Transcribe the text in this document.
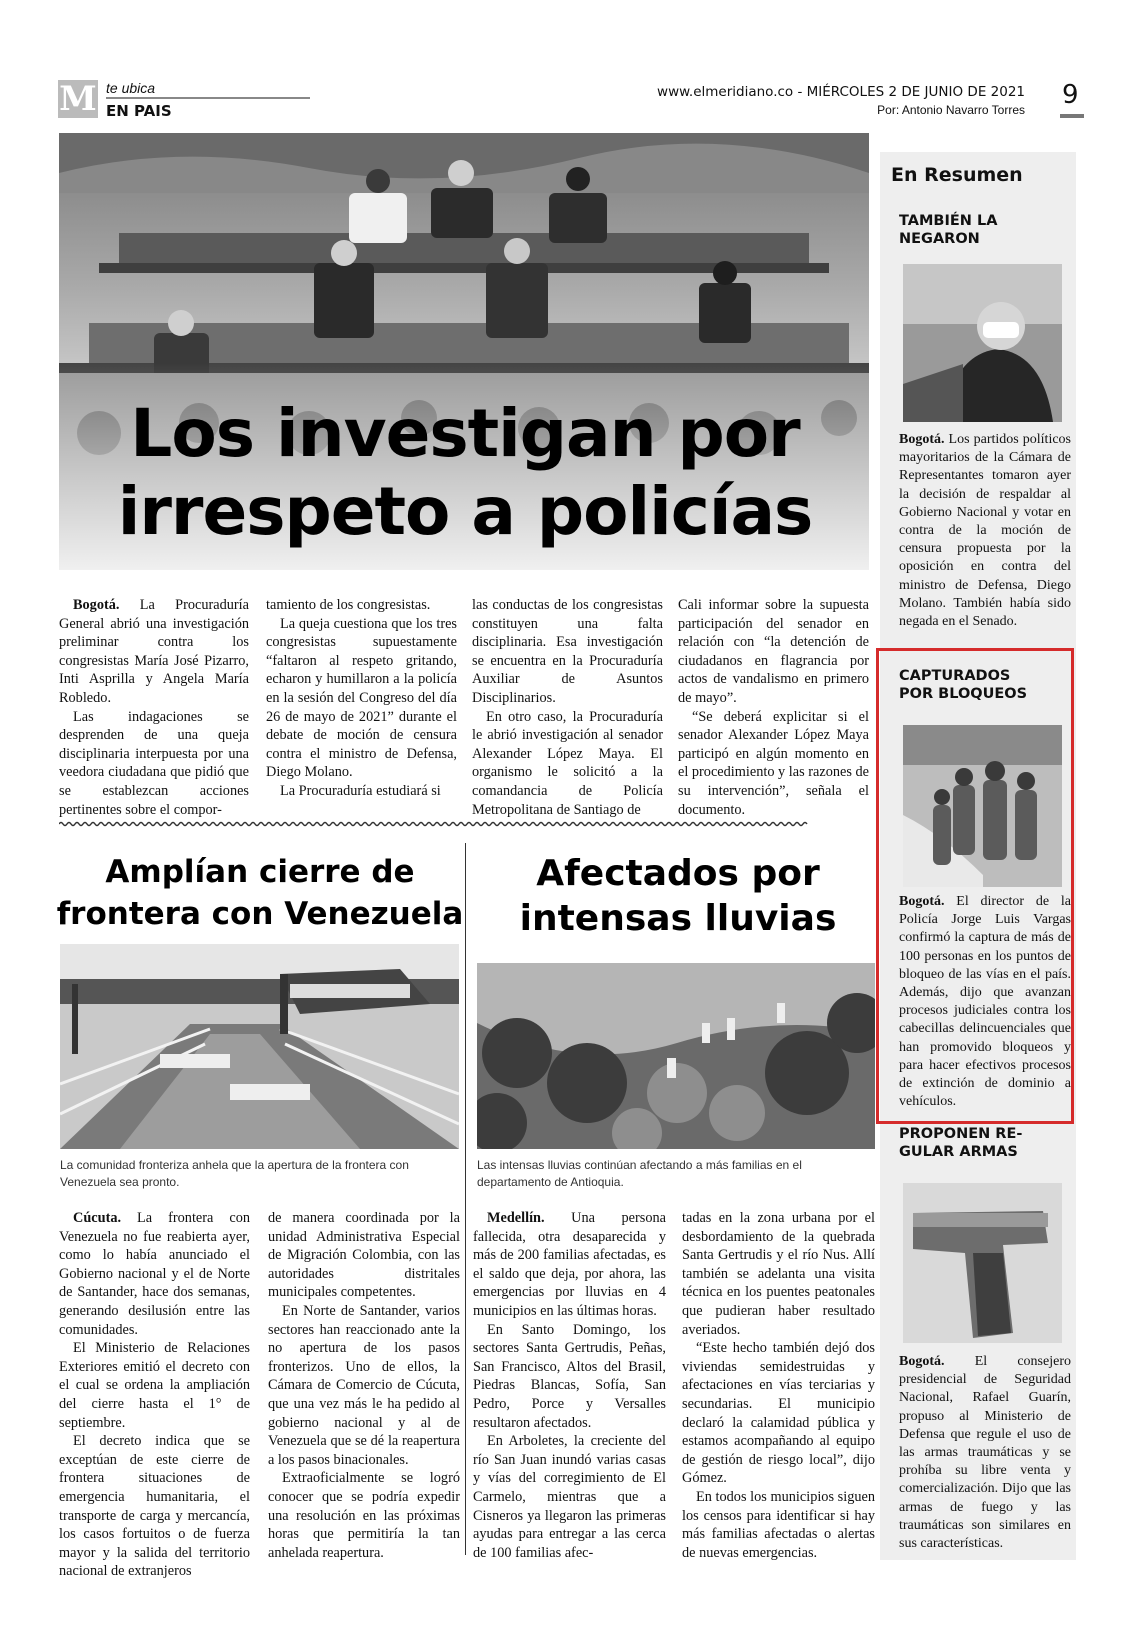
M te ubica
EN PAIS
www.elmeridiano.co - MIÉRCOLES 2 DE JUNIO DE 2021
Por: Antonio Navarro Torres 9
Los investigan por
irrespeto a policías

Bogotá. La Procuraduría General abrió una investigación preliminar contra los congresistas María José Pizarro, Inti Asprilla y Angela María Robledo.

Las indagaciones se desprenden de una queja disciplinaria interpuesta por una veedora ciudadana que pidió que se establezcan acciones pertinentes sobre el compor-

tamiento de los congresistas.

La queja cuestiona que los tres congresistas supuestamente “faltaron al respeto gritando, echaron y humillaron a la policía en la sesión del Congreso del día 26 de mayo de 2021” durante el debate de moción de censura contra el ministro de Defensa, Diego Molano.

La Procuraduría estudiará si

las conductas de los congresistas constituyen una falta disciplinaria. Esa investigación se encuentra en la Procuraduría Auxiliar de Asuntos Disciplinarios.

En otro caso, la Procuraduría le abrió investigación al senador Alexander López Maya. El organismo le solicitó a la comandancia de Policía Metropolitana de Santiago de

Cali informar sobre la supuesta participación del senador en relación con “la detención de ciudadanos en flagrancia por actos de vandalismo en primero de mayo”.

“Se deberá explicitar si el senador Alexander López Maya participó en algún momento en el procedimiento y las razones de su intervención”, señala el documento.

Amplían cierre de
frontera con Venezuela
La comunidad fronteriza anhela que la apertura de la frontera con Venezuela sea pronto.

Cúcuta. La frontera con Venezuela no fue reabierta ayer, como lo había anunciado el Gobierno nacional y el de Norte de Santander, hace dos semanas, generando desilusión entre las comunidades.

El Ministerio de Relaciones Exteriores emitió el decreto con el cual se ordena la ampliación del cierre hasta el 1° de septiembre.

El decreto indica que se exceptúan de este cierre de frontera situaciones de emergencia humanitaria, el transporte de carga y mercancía, los casos fortuitos o de fuerza mayor y la salida del territorio nacional de extranjeros

de manera coordinada por la unidad Administrativa Especial de Migración Colombia, con las autoridades distritales municipales competentes.

En Norte de Santander, varios sectores han reaccionado ante la no apertura de los pasos fronterizos. Uno de ellos, la Cámara de Comercio de Cúcuta, que una vez más le ha pedido al gobierno nacional y al de Venezuela que se dé la reapertura a los pasos binacionales.

Extraoficialmente se logró conocer que se podría expedir una resolución en las próximas horas que permitiría la tan anhelada reapertura.

Afectados por
intensas lluvias
Las intensas lluvias continúan afectando a más familias en el departamento de Antioquia.

Medellín. Una persona fallecida, otra desaparecida y más de 200 familias afectadas, es el saldo que deja, por ahora, las emergencias por lluvias en 4 municipios en las últimas horas.

En Santo Domingo, los sectores Santa Gertrudis, Peñas, San Francisco, Altos del Brasil, Piedras Blancas, Sofía, San Pedro, Porce y Versalles resultaron afectados.

En Arboletes, la creciente del río San Juan inundó varias casas y vías del corregimiento de El Carmelo, mientras que a Cisneros ya llegaron las primeras ayudas para entregar a las cerca de 100 familias afec-

tadas en la zona urbana por el desbordamiento de la quebrada Santa Gertrudis y el río Nus. Allí también se adelanta una visita técnica en los puentes peatonales que pudieran haber resultado averiados.

“Este hecho también dejó dos viviendas semidestruidas y afectaciones en vías terciarias y secundarias. El municipio declaró la calamidad pública y estamos acompañando al equipo de gestión de riesgo local”, dijo Gómez.

En todos los municipios siguen los censos para identificar si hay más familias afectadas o alertas de nuevas emergencias.

En Resumen
TAMBIÉN LA
NEGARON

Bogotá. Los partidos políticos mayoritarios de la Cámara de Representantes tomaron ayer la decisión de respaldar al Gobierno Nacional y votar en contra de la moción de censura propuesta por la oposición en contra del ministro de Defensa, Diego Molano. También había sido negada en el Senado.

CAPTURADOS
POR BLOQUEOS

Bogotá. El director de la Policía Jorge Luis Vargas confirmó la captura de más de 100 personas en los puntos de bloqueo de las vías en el país. Además, dijo que avanzan procesos judiciales contra los cabecillas delincuenciales que han promovido bloqueos y para hacer efectivos procesos de extinción de dominio a vehículos.

PROPONEN RE-
GULAR ARMAS

Bogotá. El consejero presidencial de Seguridad Nacional, Rafael Guarín, propuso al Ministerio de Defensa que regule el uso de las armas traumáticas y se prohíba su libre venta y comercialización. Dijo que las armas de fuego y las traumáticas son similares en sus características.
